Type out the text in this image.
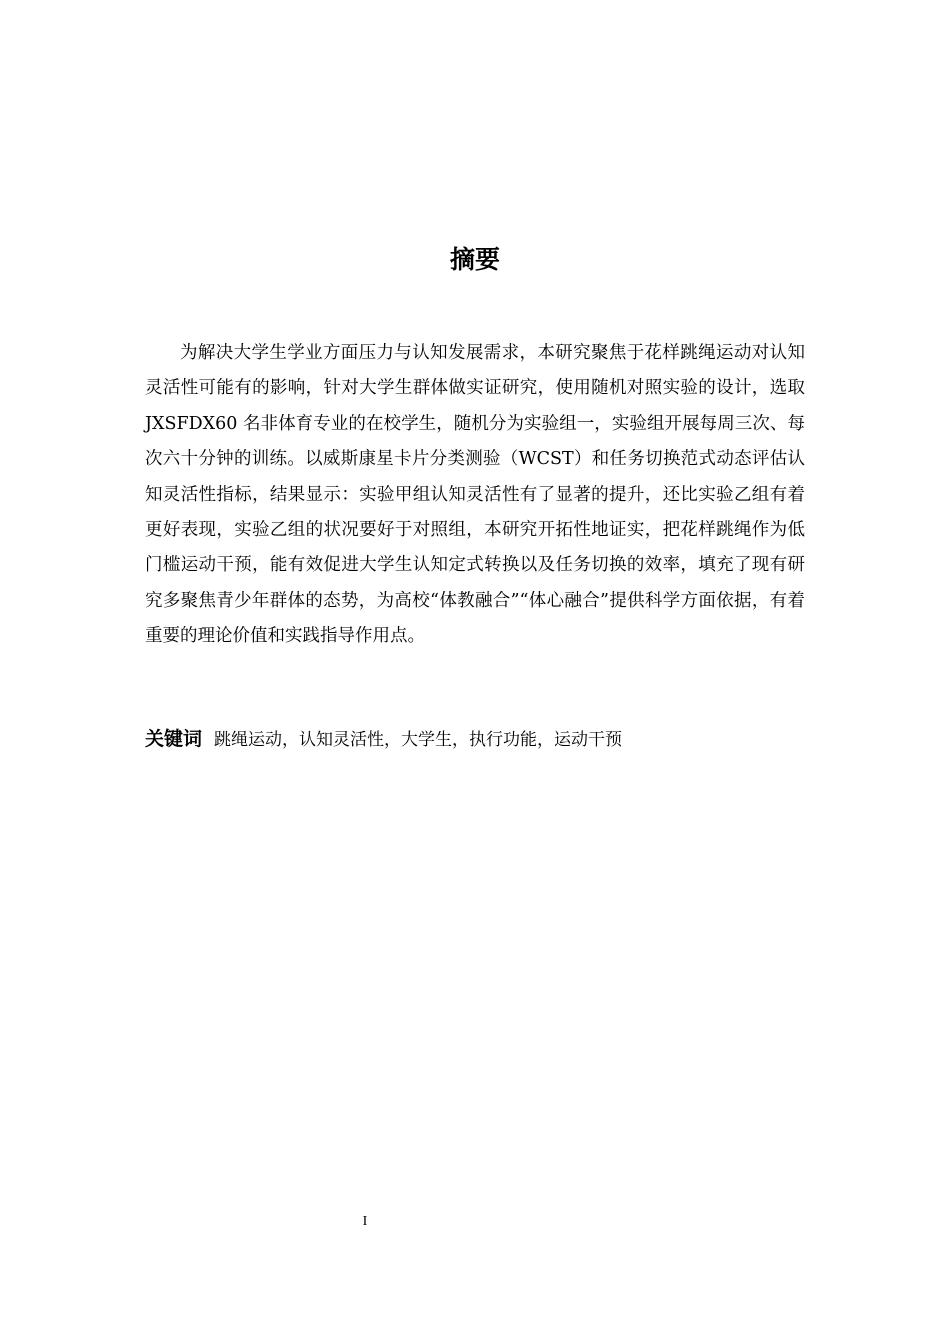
摘要

为解决大学生学业方面压力与认知发展需求，本研究聚焦于花样跳绳运动对认知灵活性可能有的影响，针对大学生群体做实证研究，使用随机对照实验的设计，选取 JXSFDX60 名非体育专业的在校学生，随机分为实验组一，实验组开展每周三次、每次六十分钟的训练。以威斯康星卡片分类测验（WCST）和任务切换范式动态评估认知灵活性指标，结果显示：实验甲组认知灵活性有了显著的提升，还比实验乙组有着更好表现，实验乙组的状况要好于对照组，本研究开拓性地证实，把花样跳绳作为低门槛运动干预，能有效促进大学生认知定式转换以及任务切换的效率，填充了现有研究多聚焦青少年群体的态势，为高校“体教融合”“体心融合”提供科学方面依据，有着重要的理论价值和实践指导作用点。

关键词 跳绳运动，认知灵活性，大学生，执行功能，运动干预
I
